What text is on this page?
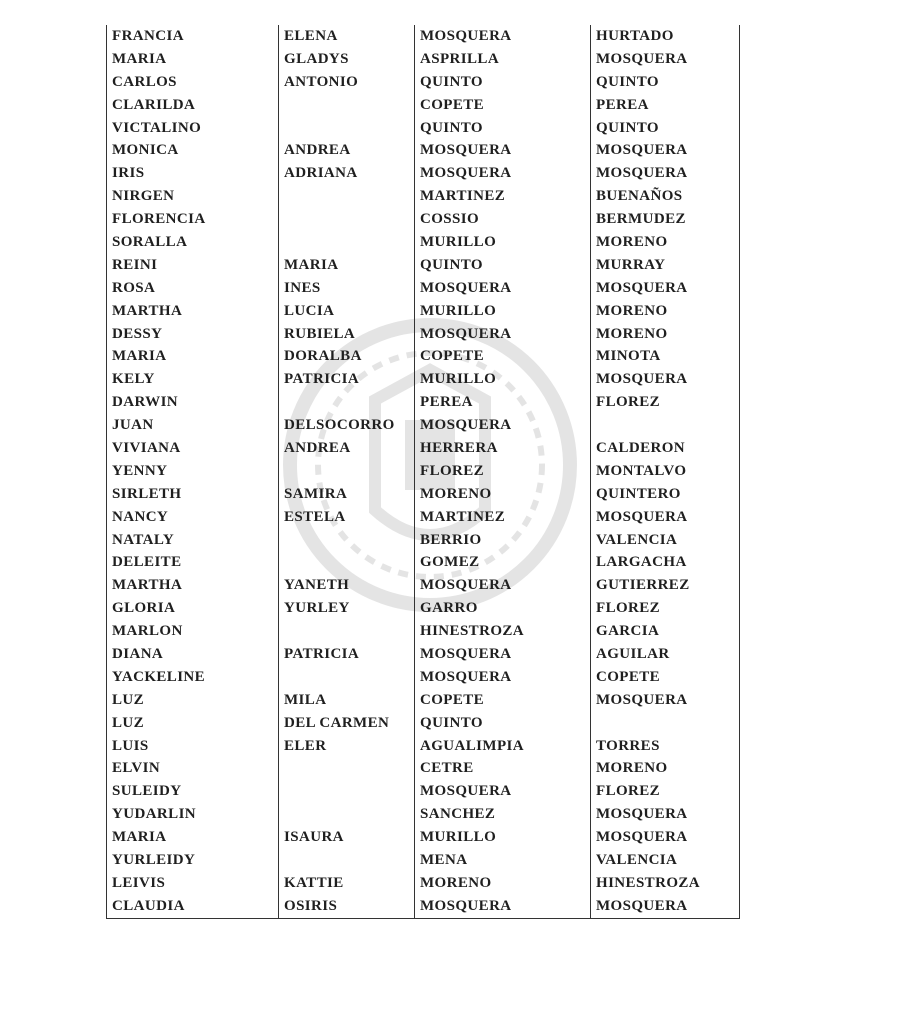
FRANCIA	ELENA	MOSQUERA	HURTADO
MARIA	GLADYS	ASPRILLA	MOSQUERA
CARLOS	ANTONIO	QUINTO	QUINTO
CLARILDA		COPETE	PEREA
VICTALINO		QUINTO	QUINTO
MONICA	ANDREA	MOSQUERA	MOSQUERA
IRIS	ADRIANA	MOSQUERA	MOSQUERA
NIRGEN		MARTINEZ	BUENAÑOS
FLORENCIA		COSSIO	BERMUDEZ
SORALLA		MURILLO	MORENO
REINI	MARIA	QUINTO	MURRAY
ROSA	INES	MOSQUERA	MOSQUERA
MARTHA	LUCIA	MURILLO	MORENO
DESSY	RUBIELA	MOSQUERA	MORENO
MARIA	DORALBA	COPETE	MINOTA
KELY	PATRICIA	MURILLO	MOSQUERA
DARWIN		PEREA	FLOREZ
JUAN	DELSOCORRO	MOSQUERA	
VIVIANA	ANDREA	HERRERA	CALDERON
YENNY		FLOREZ	MONTALVO
SIRLETH	SAMIRA	MORENO	QUINTERO
NANCY	ESTELA	MARTINEZ	MOSQUERA
NATALY		BERRIO	VALENCIA
DELEITE		GOMEZ	LARGACHA
MARTHA	YANETH	MOSQUERA	GUTIERREZ
GLORIA	YURLEY	GARRO	FLOREZ
MARLON		HINESTROZA	GARCIA
DIANA	PATRICIA	MOSQUERA	AGUILAR
YACKELINE		MOSQUERA	COPETE
LUZ	MILA	COPETE	MOSQUERA
LUZ	DEL CARMEN	QUINTO	
LUIS	ELER	AGUALIMPIA	TORRES
ELVIN		CETRE	MORENO
SULEIDY		MOSQUERA	FLOREZ
YUDARLIN		SANCHEZ	MOSQUERA
MARIA	ISAURA	MURILLO	MOSQUERA
YURLEIDY		MENA	VALENCIA
LEIVIS	KATTIE	MORENO	HINESTROZA
CLAUDIA	OSIRIS	MOSQUERA	MOSQUERA
